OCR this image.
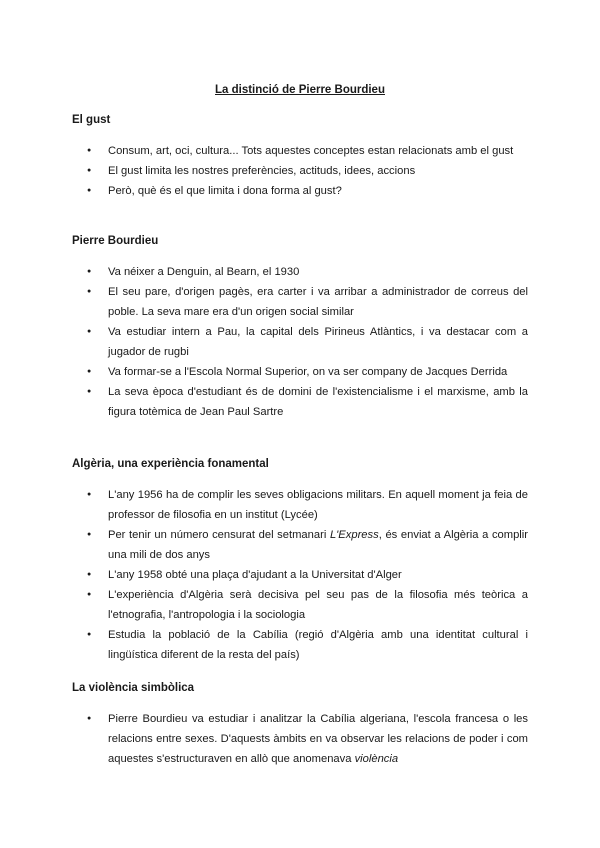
La distinció de Pierre Bourdieu
El gust
● Consum, art, oci, cultura... Tots aquestes conceptes estan relacionats amb el gust
● El gust limita les nostres preferències, actituds, idees, accions
● Però, què és el que limita i dona forma al gust?
Pierre Bourdieu
● Va néixer a Denguin, al Bearn, el 1930
● El seu pare, d'origen pagès, era carter i va arribar a administrador de correus del poble. La seva mare era d'un origen social similar
● Va estudiar intern a Pau, la capital dels Pirineus Atlàntics, i va destacar com a jugador de rugbi
● Va formar-se a l'Escola Normal Superior, on va ser company de Jacques Derrida
● La seva època d'estudiant és de domini de l'existencialisme i el marxisme, amb la figura totèmica de Jean Paul Sartre
Algèria, una experiència fonamental
● L'any 1956 ha de complir les seves obligacions militars. En aquell moment ja feia de professor de filosofia en un institut (Lycée)
● Per tenir un número censurat del setmanari L'Express, és enviat a Algèria a complir una mili de dos anys
● L'any 1958 obté una plaça d'ajudant a la Universitat d'Alger
● L'experiència d'Algèria serà decisiva pel seu pas de la filosofia més teòrica a l'etnografia, l'antropologia i la sociologia
● Estudia la població de la Cabília (regió d'Algèria amb una identitat cultural i lingüística diferent de la resta del país)
La violència simbòlica
● Pierre Bourdieu va estudiar i analitzar la Cabília algeriana, l'escola francesa o les relacions entre sexes. D'aquests àmbits en va observar les relacions de poder i com aquestes s'estructuraven en allò que anomenava violència
